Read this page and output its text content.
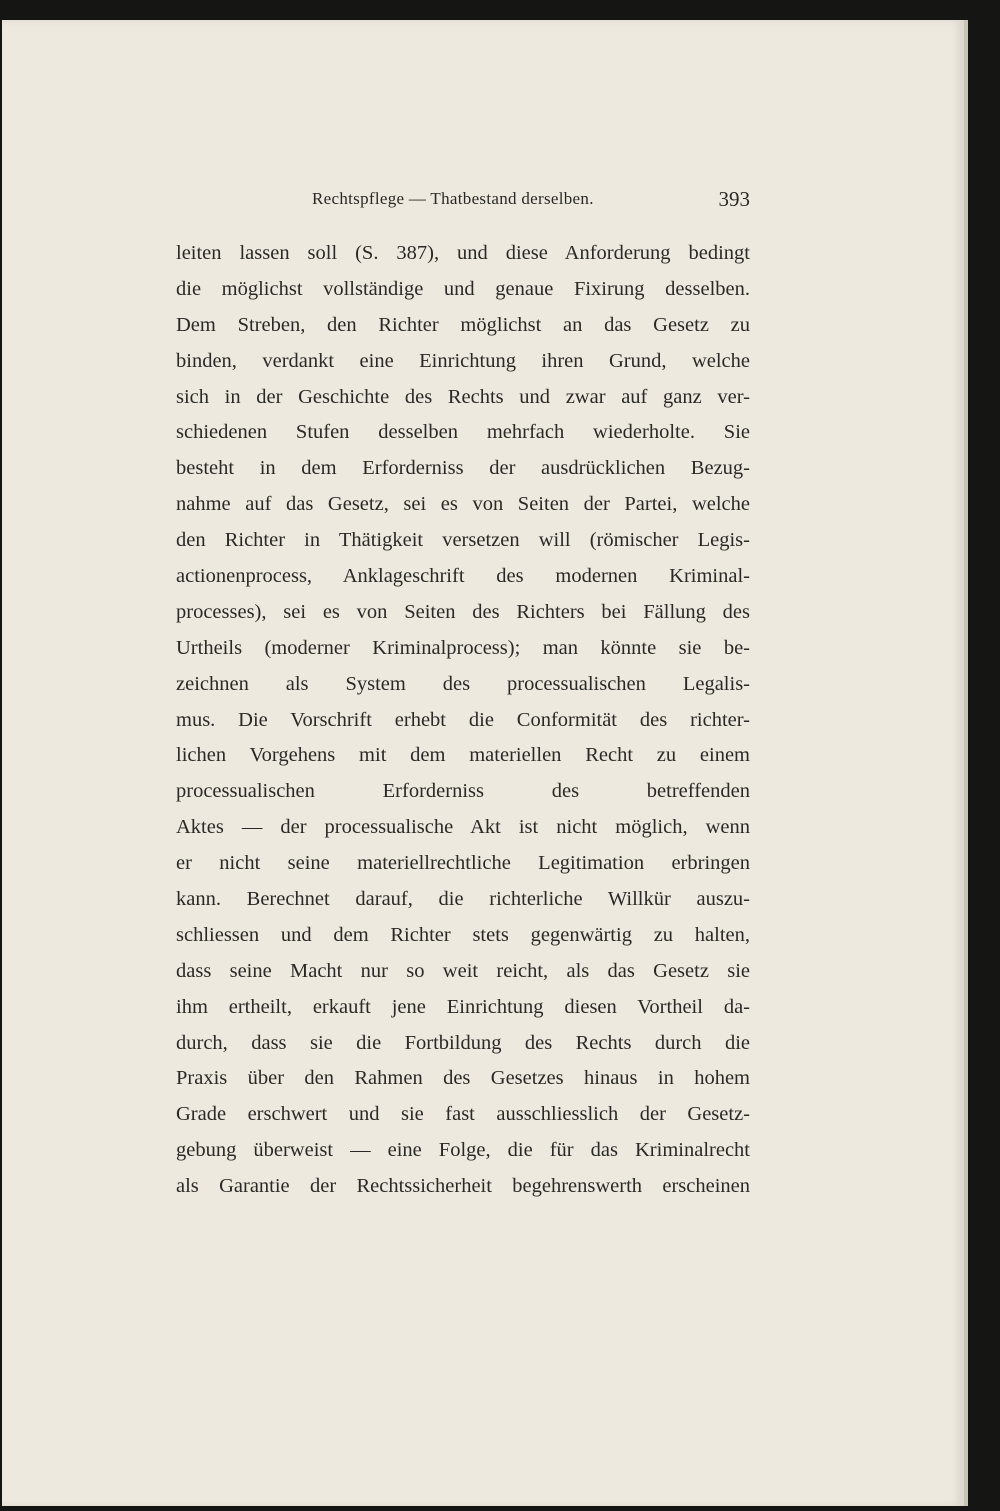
Rechtspflege — Thatbestand derselben.	393
leiten lassen soll (S. 387), und diese Anforderung bedingt
die möglichst vollständige und genaue Fixirung desselben.
Dem Streben, den Richter möglichst an das Gesetz zu
binden, verdankt eine Einrichtung ihren Grund, welche
sich in der Geschichte des Rechts und zwar auf ganz ver-
schiedenen Stufen desselben mehrfach wiederholte. Sie
besteht in dem Erforderniss der ausdrücklichen Bezug-
nahme auf das Gesetz, sei es von Seiten der Partei, welche
den Richter in Thätigkeit versetzen will (römischer Legis-
actionenprocess, Anklageschrift des modernen Kriminal-
processes), sei es von Seiten des Richters bei Fällung des
Urtheils (moderner Kriminalprocess); man könnte sie be-
zeichnen als System des processualischen Legalis-
mus. Die Vorschrift erhebt die Conformität des richter-
lichen Vorgehens mit dem materiellen Recht zu einem
processualischen Erforderniss des betreffenden
Aktes — der processualische Akt ist nicht möglich, wenn
er nicht seine materiellrechtliche Legitimation erbringen
kann. Berechnet darauf, die richterliche Willkür auszu-
schliessen und dem Richter stets gegenwärtig zu halten,
dass seine Macht nur so weit reicht, als das Gesetz sie
ihm ertheilt, erkauft jene Einrichtung diesen Vortheil da-
durch, dass sie die Fortbildung des Rechts durch die
Praxis über den Rahmen des Gesetzes hinaus in hohem
Grade erschwert und sie fast ausschliesslich der Gesetz-
gebung überweist — eine Folge, die für das Kriminalrecht
als Garantie der Rechtssicherheit begehrenswerth erscheinen
